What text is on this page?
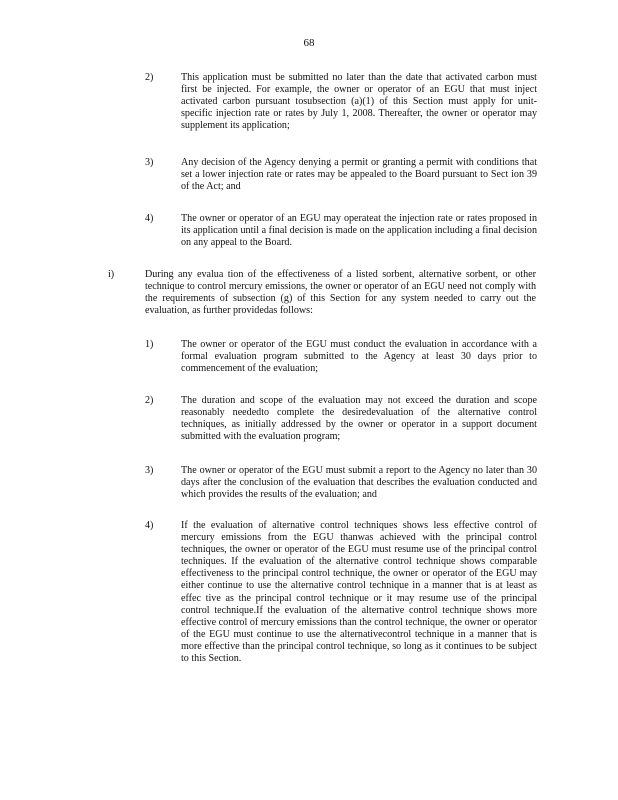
68
2)	This application must be submitted no later than the date that activated carbon must first be injected. For example, the owner or operator of an EGU that must inject activated carbon pursuant tosubsection (a)(1) of this Section must apply for unit-specific injection rate or rates by July 1, 2008. Thereafter, the owner or operator may supplement its application;
3)	Any decision of the Agency denying a permit or granting a permit with conditions that set a lower injection rate or rates may be appealed to the Board pursuant to Sect ion 39 of the Act; and
4)	The owner or operator of an EGU may operateat the injection rate or rates proposed in its application until a final decision is made on the application including a final decision on any appeal to the Board.
i)	During any evalua tion of the effectiveness of a listed sorbent, alternative sorbent, or other technique to control mercury emissions, the owner or operator of an EGU need not comply with the requirements of subsection (g) of this Section for any system needed to carry out the evaluation, as further providedas follows:
1)	The owner or operator of the EGU must conduct the evaluation in accordance with a formal evaluation program submitted to the Agency at least 30 days prior to commencement of the evaluation;
2)	The duration and scope of the evaluation may not exceed the duration and scope reasonably neededto complete the desiredevaluation of the alternative control techniques, as initially addressed by the owner or operator in a support document submitted with the evaluation program;
3)	The owner or operator of the EGU must submit a report to the Agency no later than 30 days after the conclusion of the evaluation that describes the evaluation conducted and which provides the results of the evaluation; and
4)	If the evaluation of alternative control techniques shows less effective control of mercury emissions from the EGU thanwas achieved with the principal control techniques, the owner or operator of the EGU must resume use of the principal control techniques. If the evaluation of the alternative control technique shows comparable effectiveness to the principal control technique, the owner or operator of the EGU may either continue to use the alternative control technique in a manner that is at least as effec tive as the principal control technique or it may resume use of the principal control technique.If the evaluation of the alternative control technique shows more effective control of mercury emissions than the control technique, the owner or operator of the EGU must continue to use the alternativecontrol technique in a manner that is more effective than the principal control technique, so long as it continues to be subject to this Section.
